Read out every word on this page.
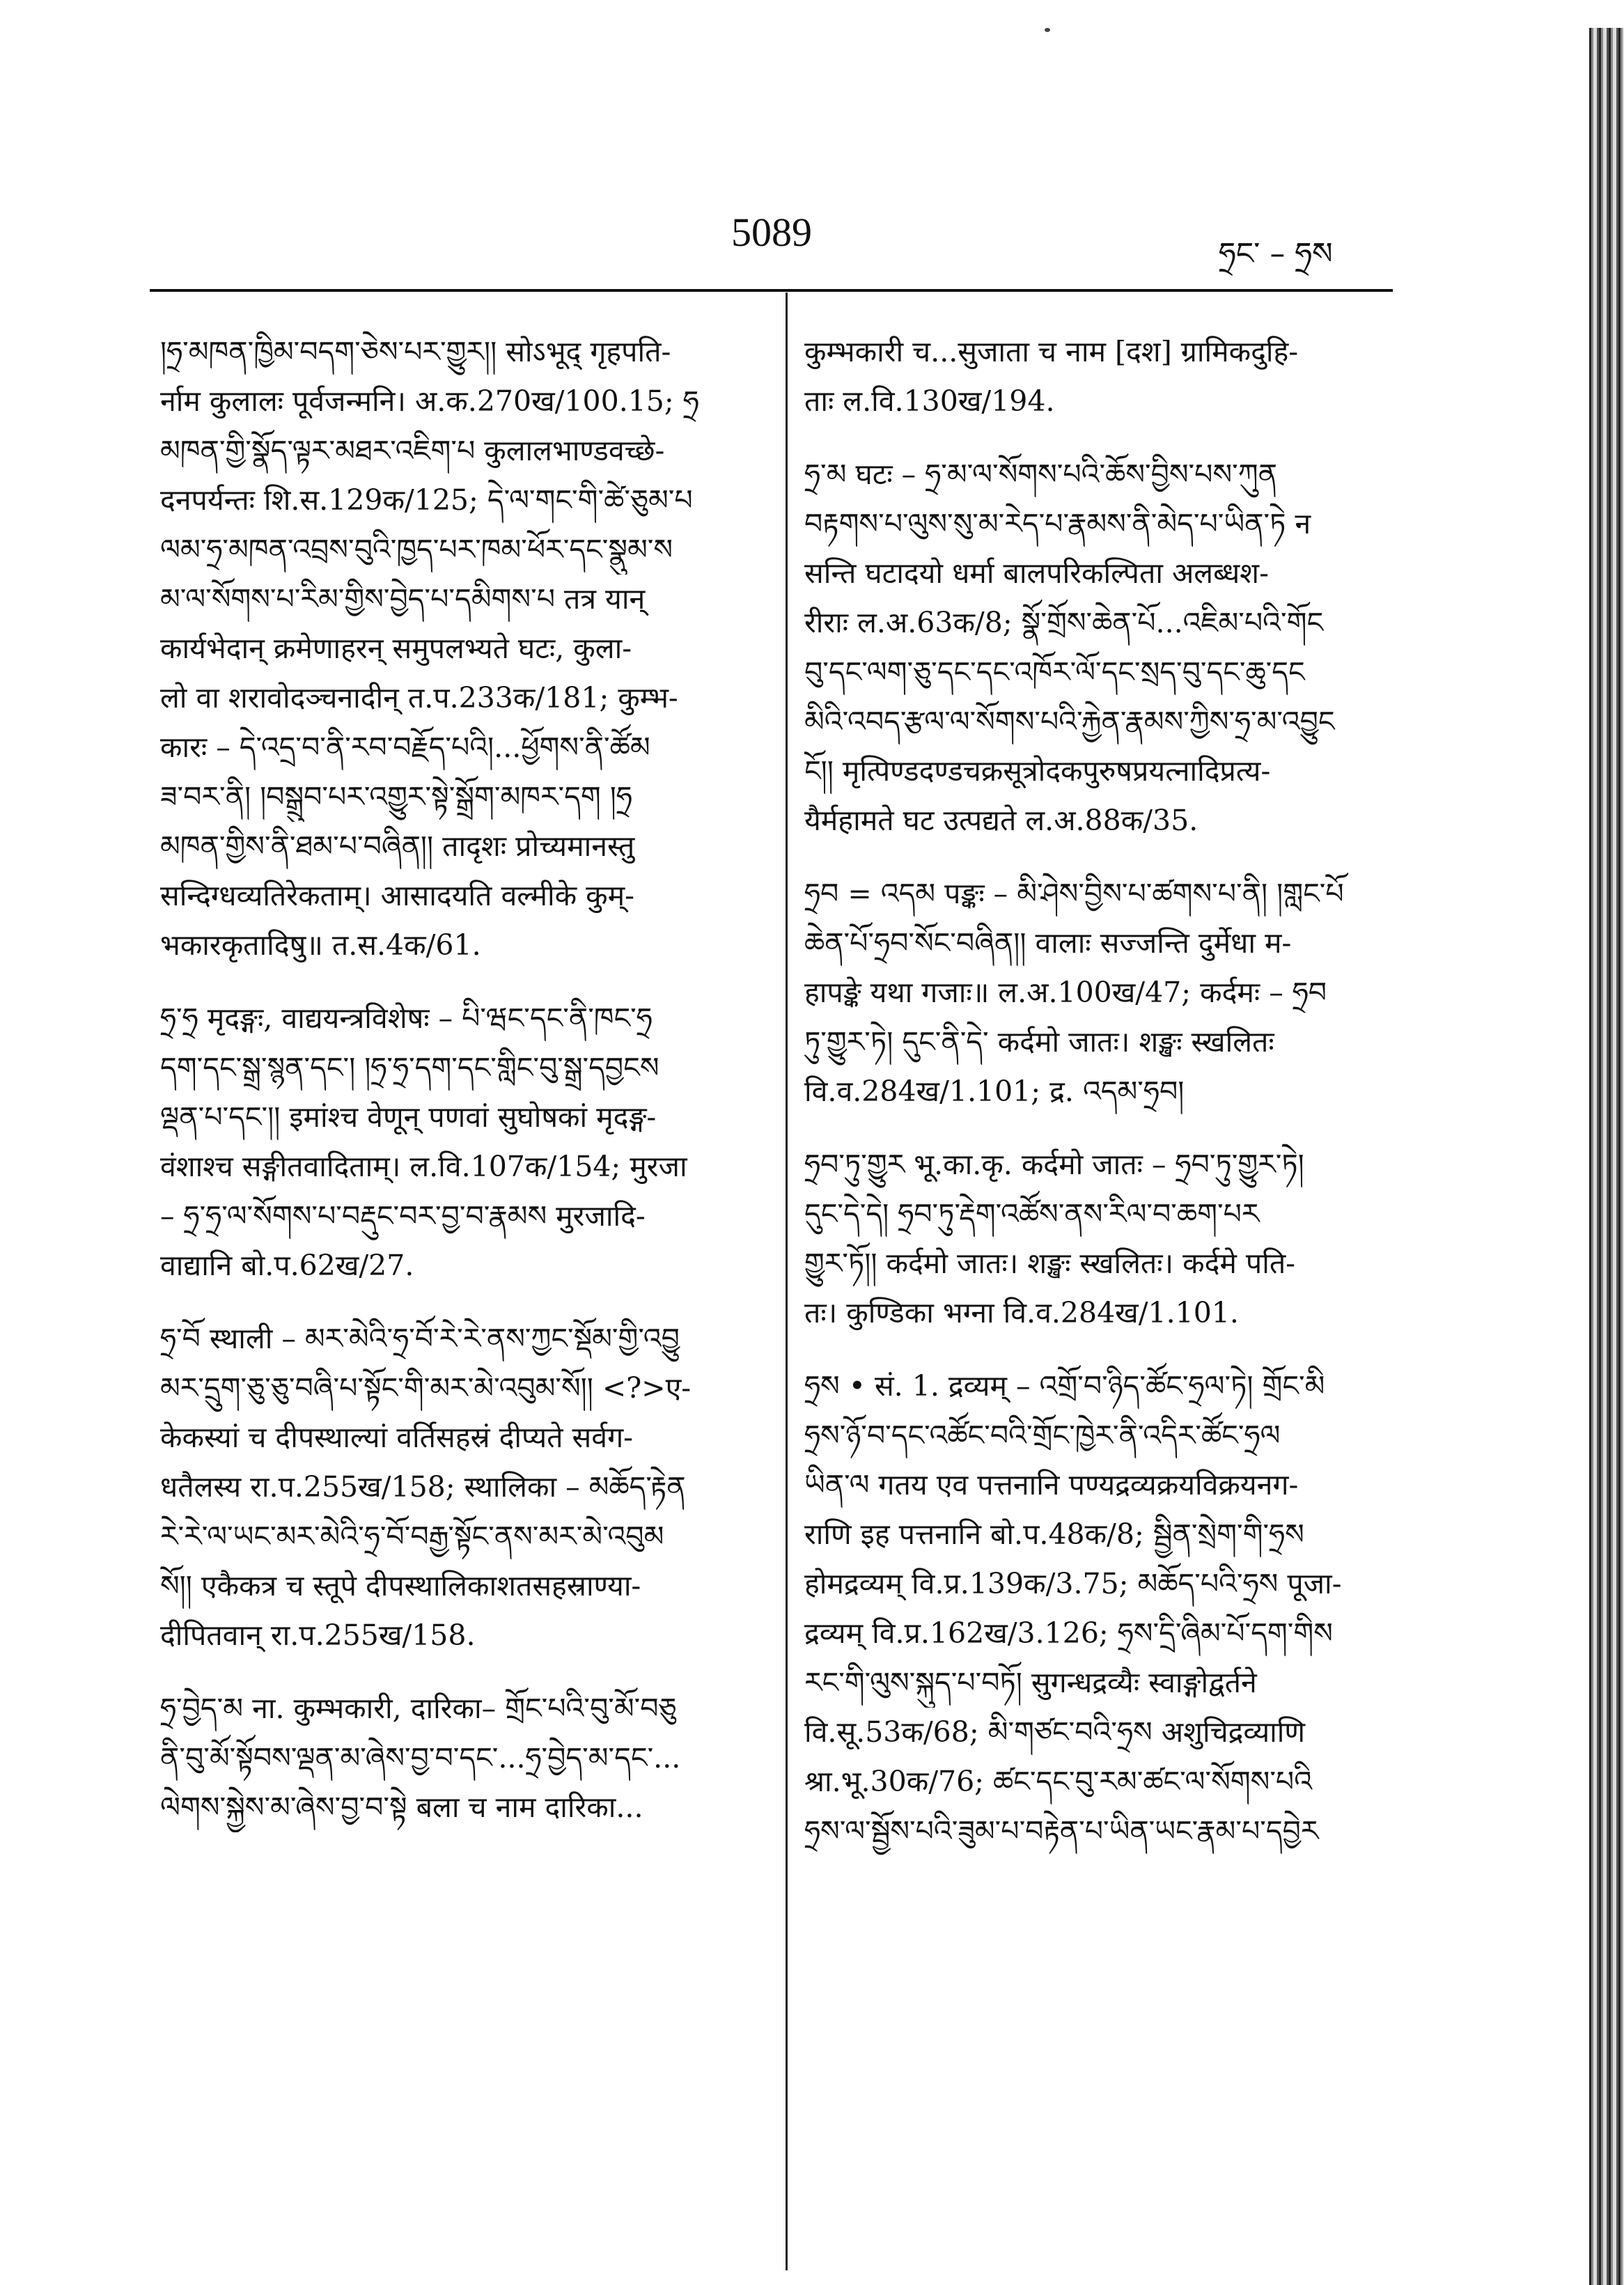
5089	ཧྲང་ – ཧྲས
།ཧྲ་མཁན་ཁྱིམ་བདག་ཅེས་པར་གྱུར།། सोऽभूद् गृहपति-
र्नाम कुलालः पूर्वजन्मनि। अ.क.270ख/100.15; ཧྲ
མཁན་གྱི་སྣོད་ལྟར་མཐར་འཇིག་པ कुलालभाण्डवच्छे-
दनपर्यन्तः शि.स.129क/125; དེ་ལ་གང་གི་ཚེ་ཅུམ་པ
ལམ་ཧྲ་མཁན་འབྲས་བུའི་ཁྱད་པར་ཁམ་ཕོར་དང་སྣུམ་ས
མ་ལ་སོགས་པ་རིམ་གྱིས་བྱེད་པ་དམིགས་པ तत्र यान्
कार्यभेदान् क्रमेणाहरन् समुपलभ्यते घटः, कुला-
लो वा शरावोदञ्चनादीन् त.प.233क/181; कुम्भ-
कारः – དེ་འདྲ་བ་ནི་རབ་བརྗོད་པའི།...ཕྱོགས་ནི་ཚོམ
ཟ་བར་ནི། །བསྒྲུབ་པར་འགྱུར་སྟེ་སྒྲོག་མཁར་དག །ཧྲ
མཁན་གྱིས་ནི་ཐམ་པ་བཞིན།། तादृशः प्रोच्यमानस्तु
सन्दिग्धव्यतिरेकताम्। आसादयति वल्मीके कुम्-
भकारकृतादिषु॥ त.स.4क/61.
ཧྲ་ཧྲ मृदङ्गः, वाद्ययन्त्रविशेषः – པི་ཝང་དང་ནི་ཁང་ཧྲ
དག་དང་སྒྲ་སྙན་དང་། །ཧྲ་ཧྲ་དག་དང་གླིང་བུ་སྒྲ་དབྱངས
ལྡན་པ་དང་།། इमांश्च वेणून् पणवां सुघोषकां मृदङ्ग-
वंशाश्च सङ्गीतवादिताम्। ल.वि.107क/154; मुरजा
– ཧྲ་ཧྲ་ལ་སོགས་པ་བརྡུང་བར་བྱ་བ་རྣམས मुरजादि-
वाद्यानि बो.प.62ख/27.
ཧྲ་བོ स्थाली – མར་མེའི་ཧྲ་བོ་རེ་རེ་ནས་ཀྱང་སྡོམ་གྱི་འབྱུ
མར་དྲུག་ཅུ་ཅུ་བཞི་པ་སྟོང་གི་མར་མེ་འབུམ་སོ།། <?>ए-
केकस्यां च दीपस्थाल्यां वर्तिसहस्रं दीप्यते सर्वग-
धतैलस्य रा.प.255ख/158; स्थालिका – མཆོད་རྟེན
རེ་རེ་ལ་ཡང་མར་མེའི་ཧྲ་བོ་བརྒྱ་སྟོང་ནས་མར་མེ་འབུམ
སོ།། एकैकत्र च स्तूपे दीपस्थालिकाशतसहस्राण्या-
दीपितवान् रा.प.255ख/158.
ཧྲ་བྱེད་མ ना. कुम्भकारी, दारिका– གྲོང་པའི་བུ་མོ་བཅུ
ནི་བུ་མོ་སྟོབས་ལྡན་མ་ཞེས་བྱ་བ་དང་...ཧྲ་བྱེད་མ་དང་...
ལེགས་སྐྱེས་མ་ཞེས་བྱ་བ་སྟེ बला च नाम दारिका...
कुम्भकारी च...सुजाता च नाम [दश] ग्रामिकदुहि-
ताः ल.वि.130ख/194.
ཧྲ་མ घटः – ཧྲ་མ་ལ་སོགས་པའི་ཆོས་བྱིས་པས་ཀུན
བརྟགས་པ་ལུས་སུ་མ་རེད་པ་རྣམས་ནི་མེད་པ་ཡིན་ཏེ न
सन्ति घटादयो धर्मा बालपरिकल्पिता अलब्धश-
रीराः ल.अ.63क/8; སྣོ་གྲོས་ཆེན་པོ...འཇིམ་པའི་གོང
བུ་དང་ལག་ཅུ་དང་དང་འཁོར་ལོ་དང་སྲད་བུ་དང་ཆུ་དང
མིའི་འབད་རྩལ་ལ་སོགས་པའི་རྐྱེན་རྣམས་ཀྱིས་ཧྲ་མ་འབྱུང
ངོ།། मृत्पिण्डदण्डचक्रसूत्रोदकपुरुषप्रयत्नादिप्रत्य-
यैर्महामते घट उत्पद्यते ल.अ.88क/35.
ཧྲབ = འདམ पङ्कः – མི་ཤེས་བྱིས་པ་ཚགས་པ་ནི། །གླང་པོ
ཆེན་པོ་ཧྲབ་སོང་བཞིན།། वालाः सज्जन्ति दुर्मेधा म-
हापङ्के यथा गजाः॥ ल.अ.100ख/47; कर्दमः – ཧྲབ
ཏུ་གྱུར་ཏེ། དུང་ནི་དེ་ कर्दमो जातः। शङ्खः स्खलितः
वि.व.284ख/1.101; द्र. འདམ་ཧྲབ།
ཧྲབ་ཏུ་གྱུར भू.का.कृ. कर्दमो जातः – ཧྲབ་ཏུ་གྱུར་ཏེ།
དུང་དེ་དེ། ཧྲབ་ཏུ་རྡེག་འཚོས་ནས་རིལ་བ་ཆག་པར
གྱུར་ཏོ།། कर्दमो जातः। शङ्खः स्खलितः। कर्दमे पति-
तः। कुण्डिका भग्ना वि.व.284ख/1.101.
ཧྲས • सं. 1. द्रव्यम् – འགྲོ་བ་ཉིད་ཚོང་ཧྲལ་ཏེ། གྲོང་མི
ཧྲས་ཉོ་བ་དང་འཚོང་བའི་གྲོང་ཁྱེར་ནི་འདིར་ཚོང་ཧྲལ
ཡིན་ལ गतय एव पत्तनानि पण्यद्रव्यक्रयविक्रयनग-
राणि इह पत्तनानि बो.प.48क/8; སྦྱིན་སྲེག་གི་ཧྲས
होमद्रव्यम् वि.प्र.139क/3.75; མཆོད་པའི་ཧྲས पूजा-
द्रव्यम् वि.प्र.162ख/3.126; ཧྲས་དྲི་ཞིམ་པོ་དག་གིས
རང་གི་ལུས་སྐུད་པ་བཏོ། सुगन्धद्रव्यैः स्वाङ्गोद्वर्तने
वि.सू.53क/68; མི་གཙང་བའི་ཧྲས अशुचिद्रव्याणि
श्रा.भू.30क/76; ཚང་དང་བུ་རམ་ཚང་ལ་སོགས་པའི
ཧྲས་ལ་སྦྱོས་པའི་ཟུམ་པ་བརྟེན་པ་ཡིན་ཡང་རྣམ་པ་དབྱེར
